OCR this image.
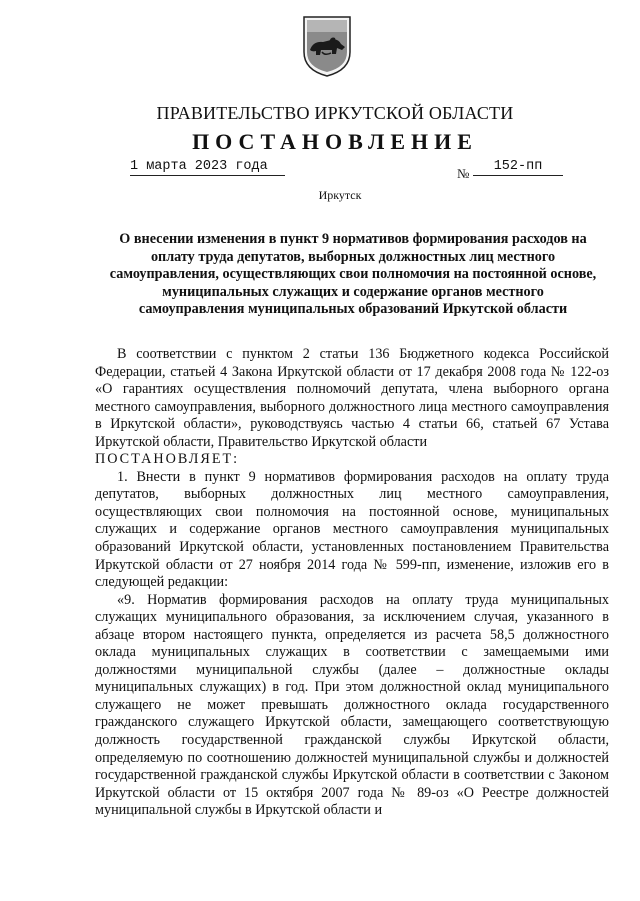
ПРАВИТЕЛЬСТВО ИРКУТСКОЙ ОБЛАСТИ
ПОСТАНОВЛЕНИЕ
1 марта 2023 года	№	152-пп
Иркутск
О внесении изменения в пункт 9 нормативов формирования расходов на оплату труда депутатов, выборных должностных лиц местного самоуправления, осуществляющих свои полномочия на постоянной основе, муниципальных служащих и содержание органов местного самоуправления муниципальных образований Иркутской области

В соответствии с пунктом 2 статьи 136 Бюджетного кодекса Российской Федерации, статьей 4 Закона Иркутской области от 17 декабря 2008 года № 122-оз «О гарантиях осуществления полномочий депутата, члена выборного органа местного самоуправления, выборного должностного лица местного самоуправления в Иркутской области», руководствуясь частью 4 статьи 66, статьей 67 Устава Иркутской области, Правительство Иркутской области

ПОСТАНОВЛЯЕТ:

1. Внести в пункт 9 нормативов формирования расходов на оплату труда депутатов, выборных должностных лиц местного самоуправления, осуществляющих свои полномочия на постоянной основе, муниципальных служащих и содержание органов местного самоуправления муниципальных образований Иркутской области, установленных постановлением Правительства Иркутской области от 27 ноября 2014 года № 599-пп, изменение, изложив его в следующей редакции:

«9. Норматив формирования расходов на оплату труда муниципальных служащих муниципального образования, за исключением случая, указанного в абзаце втором настоящего пункта, определяется из расчета 58,5 должностного оклада муниципальных служащих в соответствии с замещаемыми ими должностями муниципальной службы (далее – должностные оклады муниципальных служащих) в год. При этом должностной оклад муниципального служащего не может превышать должностного оклада государственного гражданского служащего Иркутской области, замещающего соответствующую должность государственной гражданской службы Иркутской области, определяемую по соотношению должностей муниципальной службы и должностей государственной гражданской службы Иркутской области в соответствии с Законом Иркутской области от 15 октября 2007 года № 89-оз «О Реестре должностей муниципальной службы в Иркутской области и
